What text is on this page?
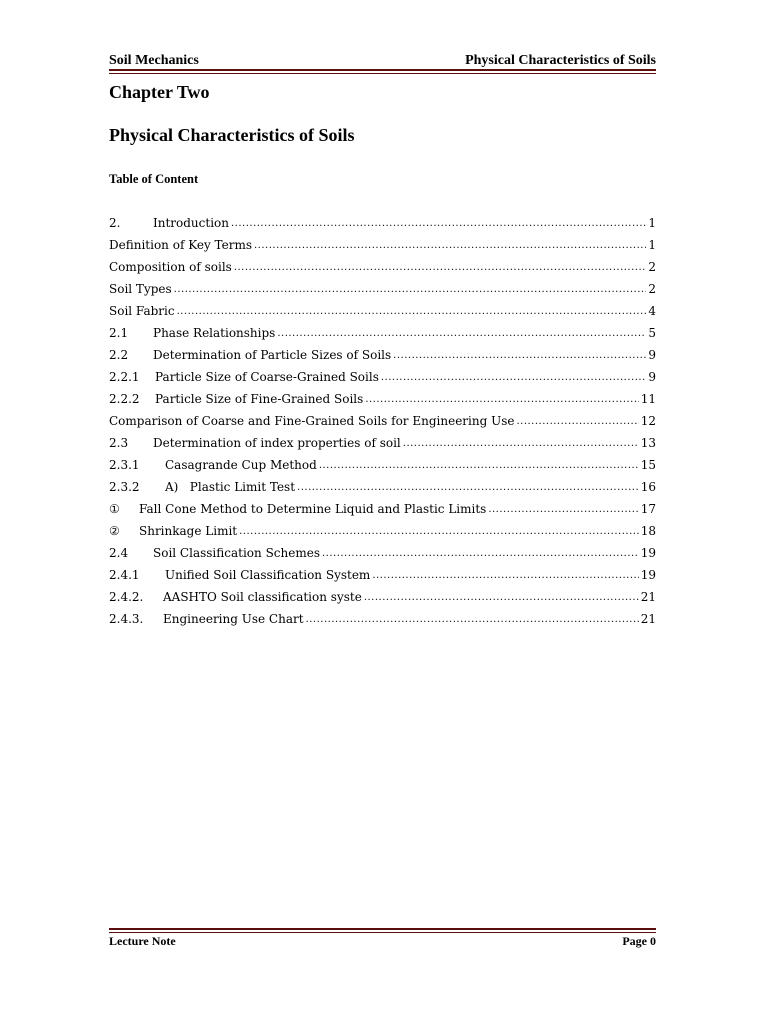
Soil Mechanics	Physical Characteristics of Soils
Chapter Two
Physical Characteristics of Soils
Table of Content
2.	Introduction .....	1
Definition of Key Terms .....	1
Composition of soils .....	2
Soil Types .....	2
Soil Fabric .....	4
2.1	Phase Relationships .....	5
2.2	Determination of Particle Sizes of Soils .....	9
2.2.1	Particle Size of Coarse-Grained Soils .....	9
2.2.2	Particle Size of Fine-Grained Soils .....	11
Comparison of Coarse and Fine-Grained Soils for Engineering Use .....	12
2.3	Determination of index properties of soil .....	13
2.3.1	Casagrande Cup Method .....	15
2.3.2	A)   Plastic Limit Test .....	16
①	Fall Cone Method to Determine Liquid and Plastic Limits .....	17
②	Shrinkage Limit .....	18
2.4	Soil Classification Schemes .....	19
2.4.1	Unified Soil Classification System .....	19
2.4.2.	AASHTO Soil classification syste .....	21
2.4.3.	Engineering Use Chart .....	21
Lecture Note	Page 0
